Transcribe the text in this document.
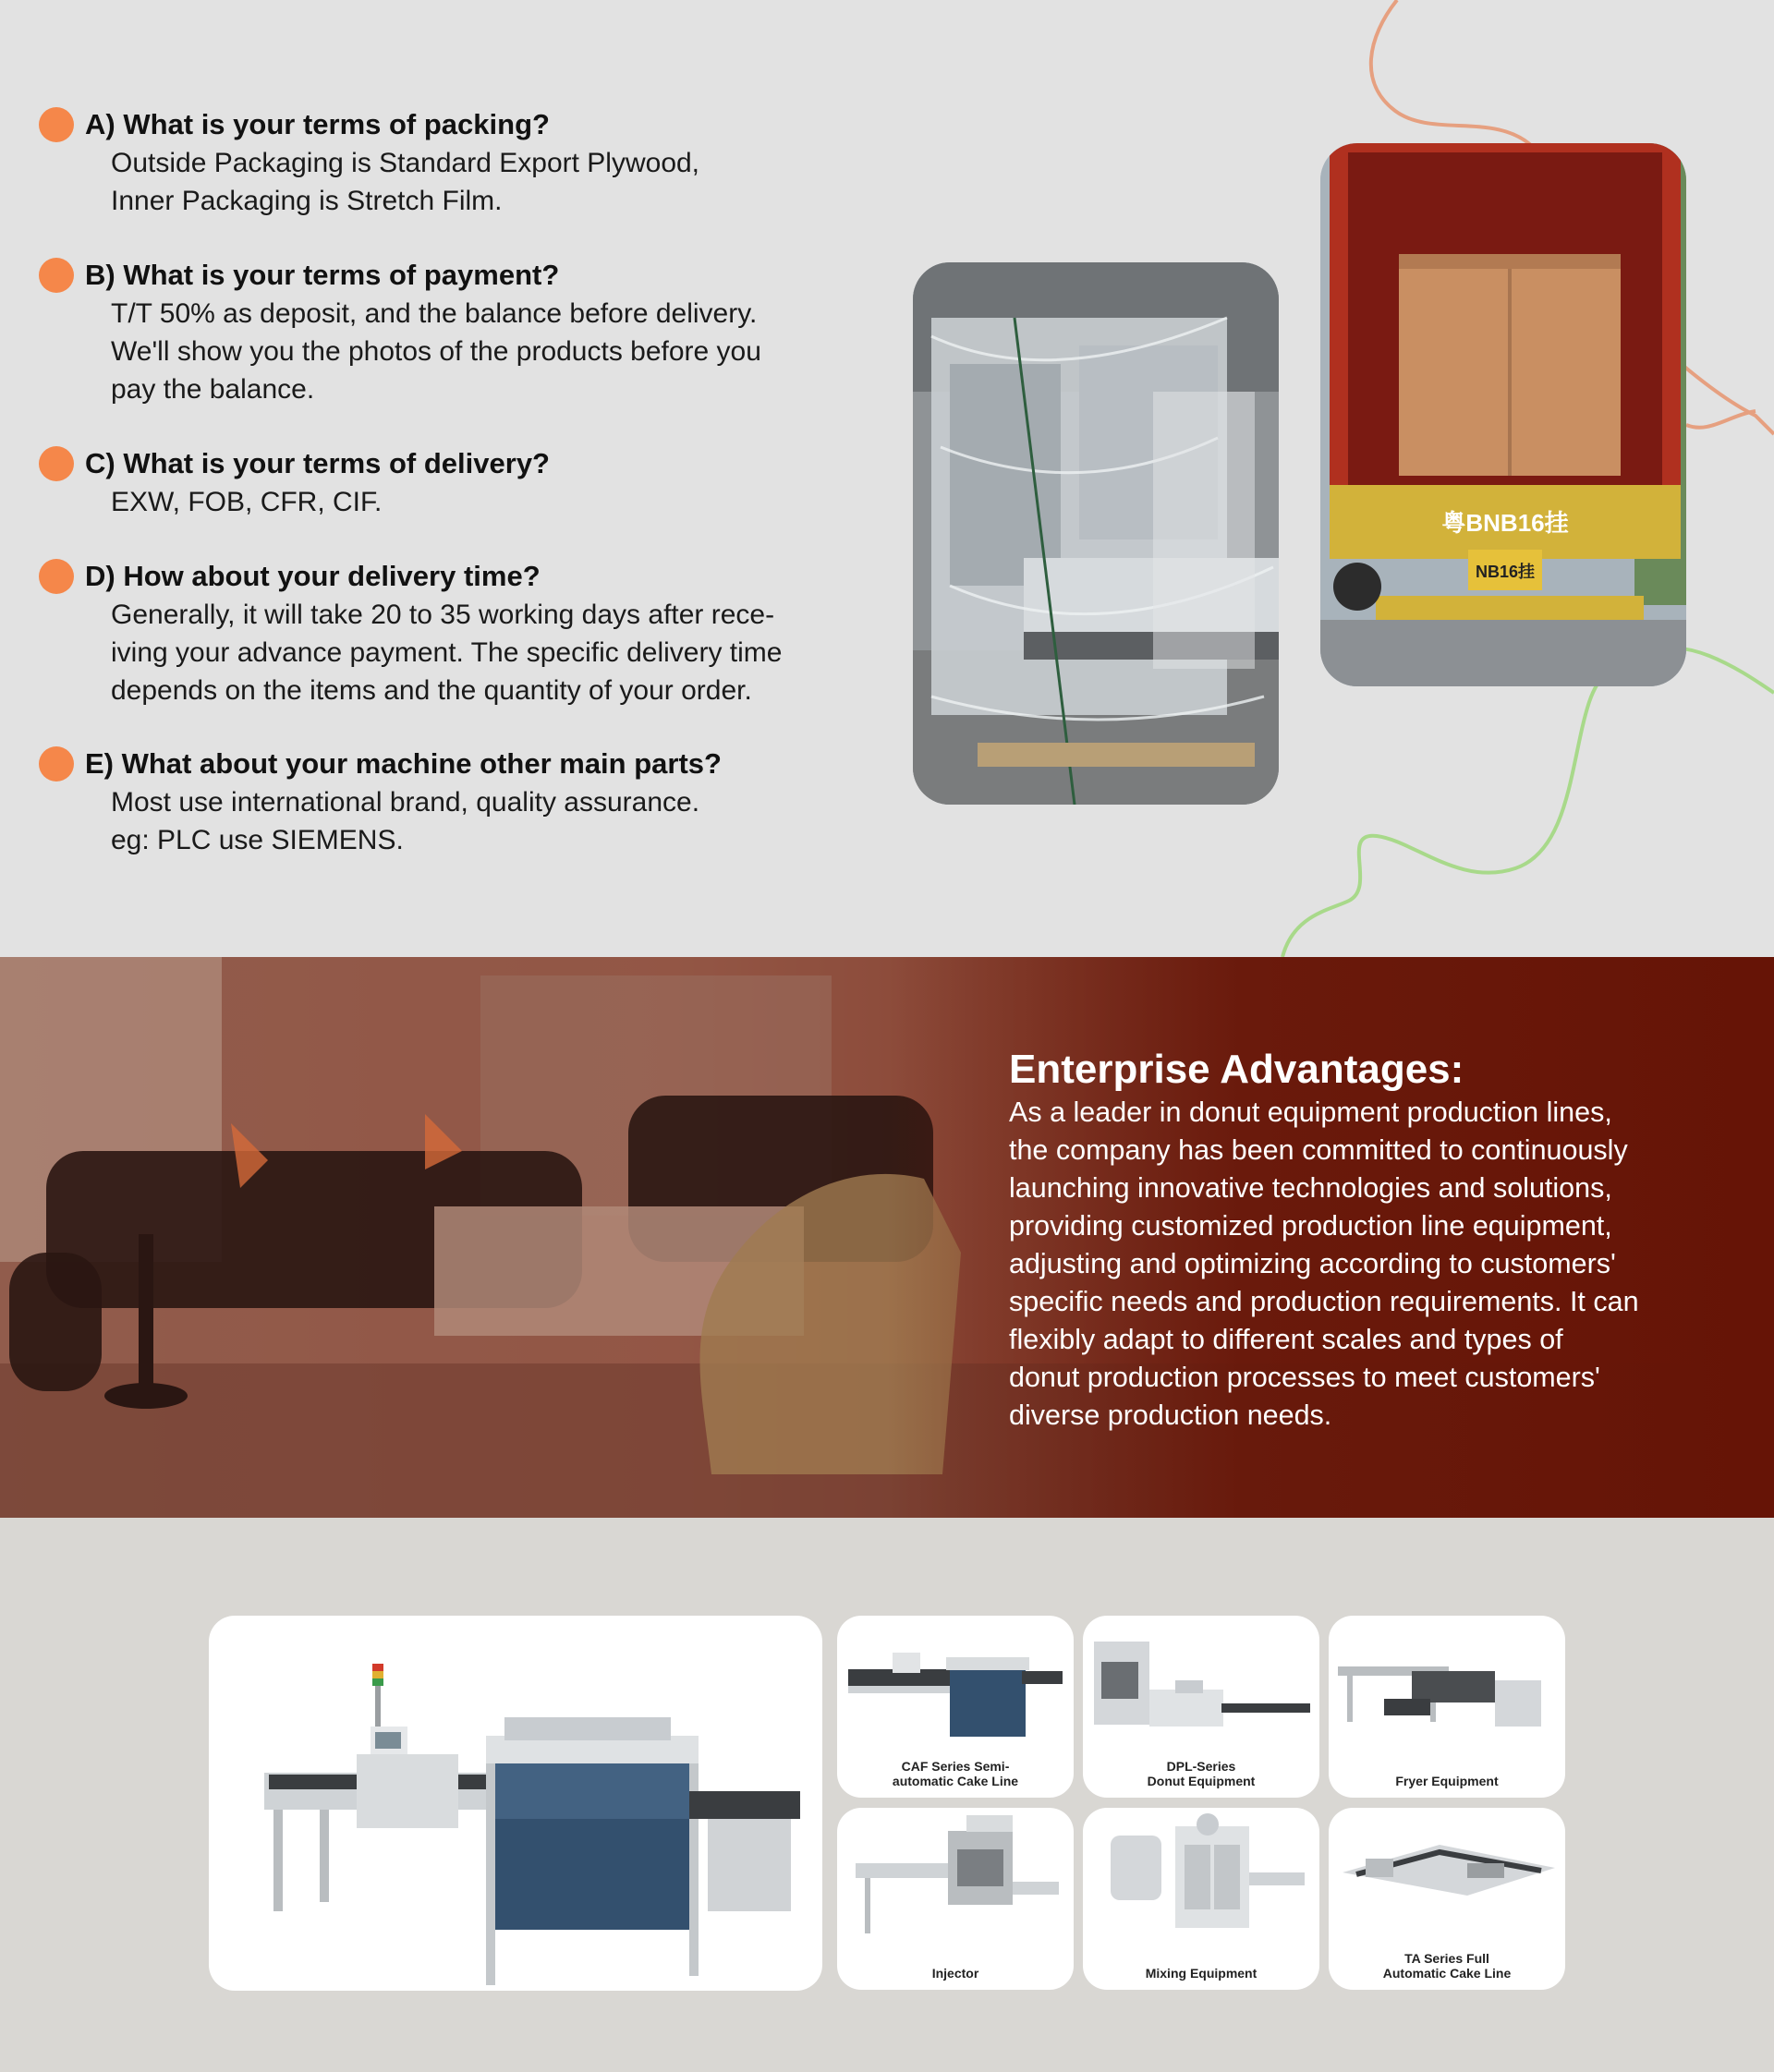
A) What is your terms of packing?
Outside Packaging is Standard Export Plywood,
Inner Packaging is Stretch Film.
B) What is your terms of payment?
T/T 50% as deposit, and the balance before delivery.
We'll show you the photos of the products before you
pay the balance.
C) What is your terms of delivery?
EXW, FOB, CFR, CIF.
D) How about your delivery time?
Generally, it will take 20 to 35 working days after rece-
iving your advance payment. The specific delivery time
depends on the items and the quantity of your order.
E) What about your machine other main parts?
Most use international brand, quality assurance.
eg: PLC use SIEMENS.
粤BNB16挂
NB16挂
Enterprise Advantages:
As a leader in donut equipment production lines,
the company has been committed to continuously
launching innovative technologies and solutions,
providing customized production line equipment,
adjusting and optimizing according to customers'
specific needs and production requirements. It can
flexibly adapt to different scales and types of
donut production processes to meet customers'
diverse production needs.
CAF Series Semi-
automatic Cake Line
DPL-Series
Donut Equipment	Fryer Equipment
Injector	Mixing Equipment
TA Series Full
Automatic Cake Line
